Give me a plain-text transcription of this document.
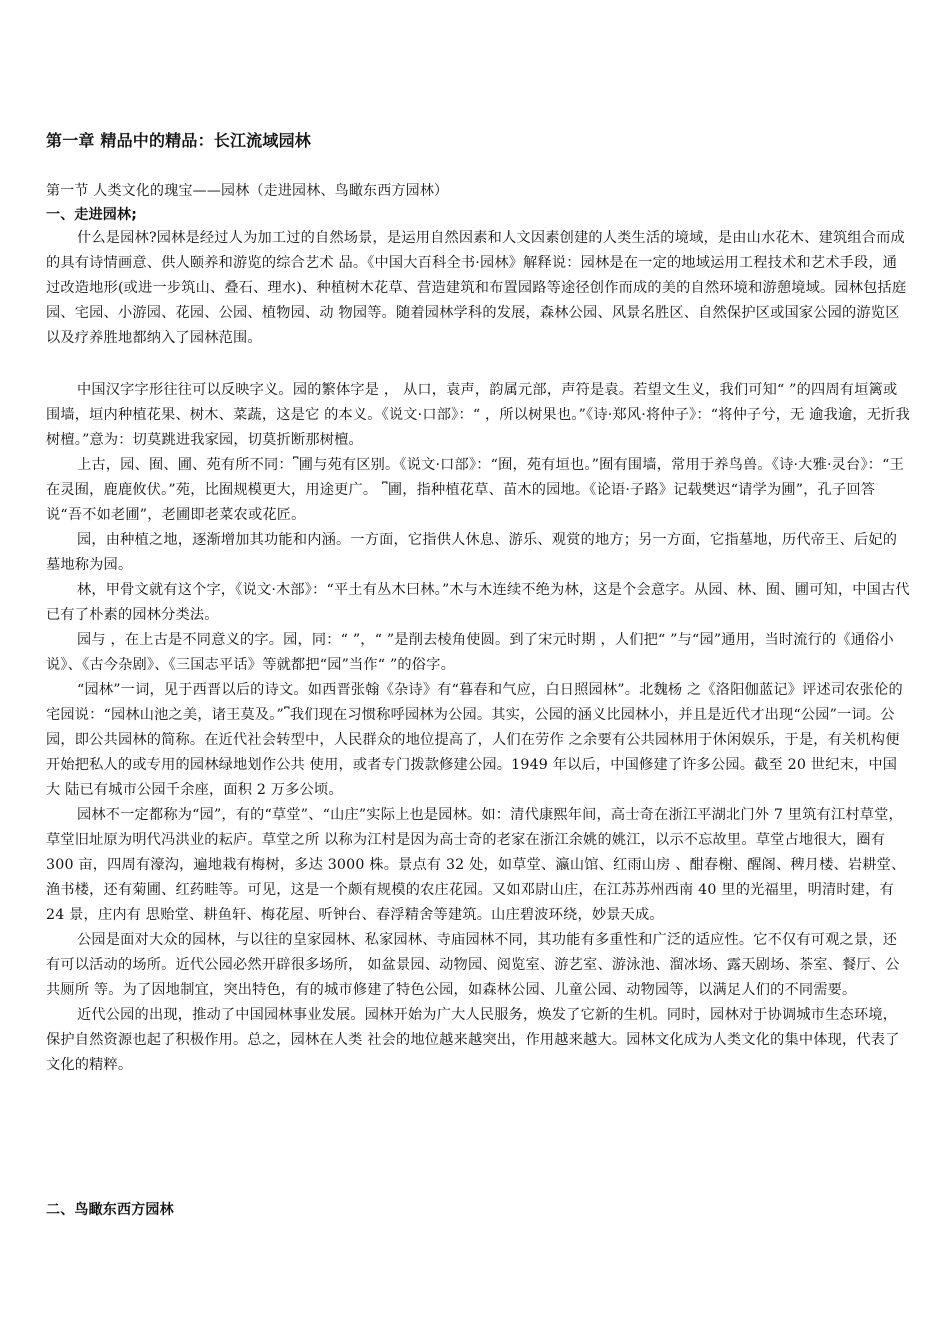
第一章 精品中的精品：长江流域园林

第一节 人类文化的瑰宝——园林（走进园林、鸟瞰东西方园林）

一、走进园林;

什么是园林?园林是经过人为加工过的自然场景，是运用自然因素和人文因素创建的人类生活的境域，是由山水花木、建筑组合而成的具有诗情画意、供人颐养和游览的综合艺术 品。《中国大百科全书·园林》解释说：园林是在一定的地域运用工程技术和艺术手段，通过改造地形(或进一步筑山、叠石、理水)、种植树木花草、营造建筑和布置园路等途径创作而成的美的自然环境和游憩境域。园林包括庭园、宅园、小游园、花园、公园、植物园、动 物园等。随着园林学科的发展，森林公园、风景名胜区、自然保护区或国家公园的游览区以及疗养胜地都纳入了园林范围。

中国汉字字形往往可以反映字义。园的繁体字是 ， 从口，袁声，韵属元部，声符是袁。若望文生义，我们可知“ ”的四周有垣篱或围墙，垣内种植花果、树木、菜蔬，这是它 的本义。《说文·口部》：“ ，所以树果也。”《诗·郑风·将仲子》：“将仲子兮，无 逾我逾，无折我树檀。”意为：切莫跳进我家园，切莫折断那树檀。

上古，园、囿、圃、苑有所不同：⎴圃与苑有区别。《说文·口部》：“囿，苑有垣也。”囿有围墙，常用于养鸟兽。《诗·大雅·灵台》：“王在灵囿，鹿鹿攸伏。”苑，比囿规模更大，用途更广。 ⎴圃，指种植花草、苗木的园地。《论语·子路》记载樊迟“请学为圃”，孔子回答说“吾不如老圃”，老圃即老菜农或花匠。

园，由种植之地，逐渐增加其功能和内涵。一方面，它指供人休息、游乐、观赏的地方；另一方面，它指墓地，历代帝王、后妃的墓地称为园。

林，甲骨文就有这个字，《说文·木部》：“平土有丛木曰林。”木与木连续不绝为林，这是个会意字。从园、林、囿、圃可知，中国古代已有了朴素的园林分类法。

园与 ，在上古是不同意义的字。园，同：“ ”，“ ”是削去棱角使圆。到了宋元时期 ，人们把“ ”与“园”通用，当时流行的《通俗小说》、《古今杂剧》、《三国志平话》等就都把“园”当作“ ”的俗字。

“园林”一词，见于西晋以后的诗文。如西晋张翰《杂诗》有“暮春和气应，白日照园林”。北魏杨 之《洛阳伽蓝记》评述司农张伦的宅园说：“园林山池之美，诸王莫及。”⎴我们现在习惯称呼园林为公园。其实，公园的涵义比园林小，并且是近代才出现“公园”一词。公园，即公共园林的简称。在近代社会转型中，人民群众的地位提高了，人们在劳作 之余要有公共园林用于休闲娱乐，于是，有关机构便开始把私人的或专用的园林绿地划作公共 使用，或者专门拨款修建公园。1949 年以后，中国修建了许多公园。截至 20 世纪末，中国大 陆已有城市公园千余座，面积 2 万多公顷。

园林不一定都称为“园”，有的“草堂”、“山庄”实际上也是园林。如：清代康熙年间，高士奇在浙江平湖北门外 7 里筑有江村草堂，草堂旧址原为明代冯洪业的耘庐。草堂之所 以称为江村是因为高士奇的老家在浙江余姚的姚江，以示不忘故里。草堂占地很大，圈有 300 亩，四周有濠沟，遍地栽有梅树，多达 3000 株。景点有 32 处，如草堂、瀛山馆、红雨山房 、酣春榭、醒阁、稗月楼、岩耕堂、渔书楼，还有菊圃、红药畦等。可见，这是一个颇有规模的农庄花园。又如邓尉山庄，在江苏苏州西南 40 里的光福里，明清时建，有 24 景，庄内有 思贻堂、耕鱼轩、梅花屋、听钟台、春浮精舍等建筑。山庄碧波环绕，妙景天成。

公园是面对大众的园林，与以往的皇家园林、私家园林、寺庙园林不同，其功能有多重性和广泛的适应性。它不仅有可观之景，还有可以活动的场所。近代公园必然开辟很多场所， 如盆景园、动物园、阅览室、游艺室、游泳池、溜冰场、露天剧场、茶室、餐厅、公共厕所 等。为了因地制宜，突出特色，有的城市修建了特色公园，如森林公园、儿童公园、动物园等，以满足人们的不同需要。

近代公园的出现，推动了中国园林事业发展。园林开始为广大人民服务，焕发了它新的生机。同时，园林对于协调城市生态环境，保护自然资源也起了积极作用。总之，园林在人类 社会的地位越来越突出，作用越来越大。园林文化成为人类文化的集中体现，代表了文化的精粹。

二、鸟瞰东西方园林
